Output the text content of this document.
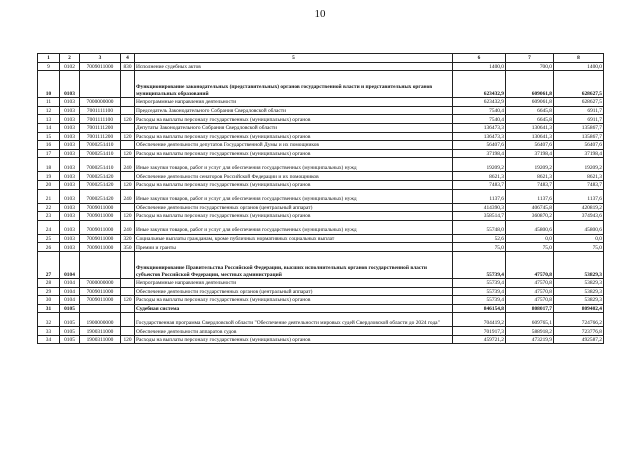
10
1	2	3	4	5	6	7	8
9	0102	7009011000	830	Исполнение судебных актов	1400,0	700,0	1400,0
10	0103			Функционирование законодательных (представительных) органов государственной власти и представительных органов муниципальных образований	623432,9	609061,8	628627,5
11	0103	7000000000		Непрограммные направления деятельности	623432,9	609061,8	628627,5
12	0103	7001111100		Председатель Законодательного Собрания Свердловской области	7540,4	6645,8	6911,7
13	0103	7001111100	120	Расходы на выплаты персоналу государственных (муниципальных) органов	7540,4	6645,8	6911,7
14	0103	7001111200		Депутаты Законодательного Собрания Свердловской области	136473,3	130641,3	135867,7
15	0103	7001111200	120	Расходы на выплаты персоналу государственных (муниципальных) органов	136473,3	130641,3	135867,7
16	0103	7000251410		Обеспечение деятельности депутатов Государственной Думы и их помощников	56407,6	56407,6	56407,6
17	0103	7000251410	120	Расходы на выплаты персоналу государственных (муниципальных) органов	37198,4	37198,4	37198,4
18	0103	7000251410	240	Иные закупки товаров, работ и услуг для обеспечения государственных (муниципальных) нужд	19209,2	19209,2	19209,2
19	0103	7000251420		Обеспечение деятельности сенаторов Российской Федерации и их помощников	8621,3	8621,3	8621,3
20	0103	7000251420	120	Расходы на выплаты персоналу государственных (муниципальных) органов	7483,7	7483,7	7483,7
21	0103	7000251420	240	Иные закупки товаров, работ и услуг для обеспечения государственных (муниципальных) нужд	1137,6	1137,6	1137,6
22	0103	7009011000		Обеспечение деятельности государственных органов (центральный аппарат)	414390,3	406745,8	420819,2
23	0103	7009011000	120	Расходы на выплаты персоналу государственных (муниципальных) органов	358514,7	360870,2	374943,6
24	0103	7009011000	240	Иные закупки товаров, работ и услуг для обеспечения государственных (муниципальных) нужд	55748,0	45800,6	45800,6
25	0103	7009011000	320	Социальные выплаты гражданам, кроме публичных нормативных социальных выплат	52,6	0,0	0,0
26	0103	7009011000	350	Премии и гранты	75,0	75,0	75,0
27	0104			Функционирование Правительства Российской Федерации, высших исполнительных органов государственной власти субъектов Российской Федерации, местных администраций	55739,4	47570,8	53829,3
28	0104	7000000000		Непрограммные направления деятельности	55739,4	47570,8	53829,3
29	0104	7009011000		Обеспечение деятельности государственных органов (центральный аппарат)	55739,4	47570,8	53829,3
30	0104	7009011000	120	Расходы на выплаты персоналу государственных (муниципальных) органов	55739,4	47570,8	53829,3
31	0105			Судебная система	846154,8	808017,7	809402,4
32	0105	1900000000		Государственная программа Свердловской области "Обеспечение деятельности мировых судей Свердловской области до 2024 года"	704419,2	609765,1	724766,2
33	0105	1900311000		Обеспечение деятельности аппаратов судов	701917,3	588918,2	723776,8
34	0105	1900311000	120	Расходы на выплаты персоналу государственных (муниципальных) органов	459721,2	473219,9	492587,2
